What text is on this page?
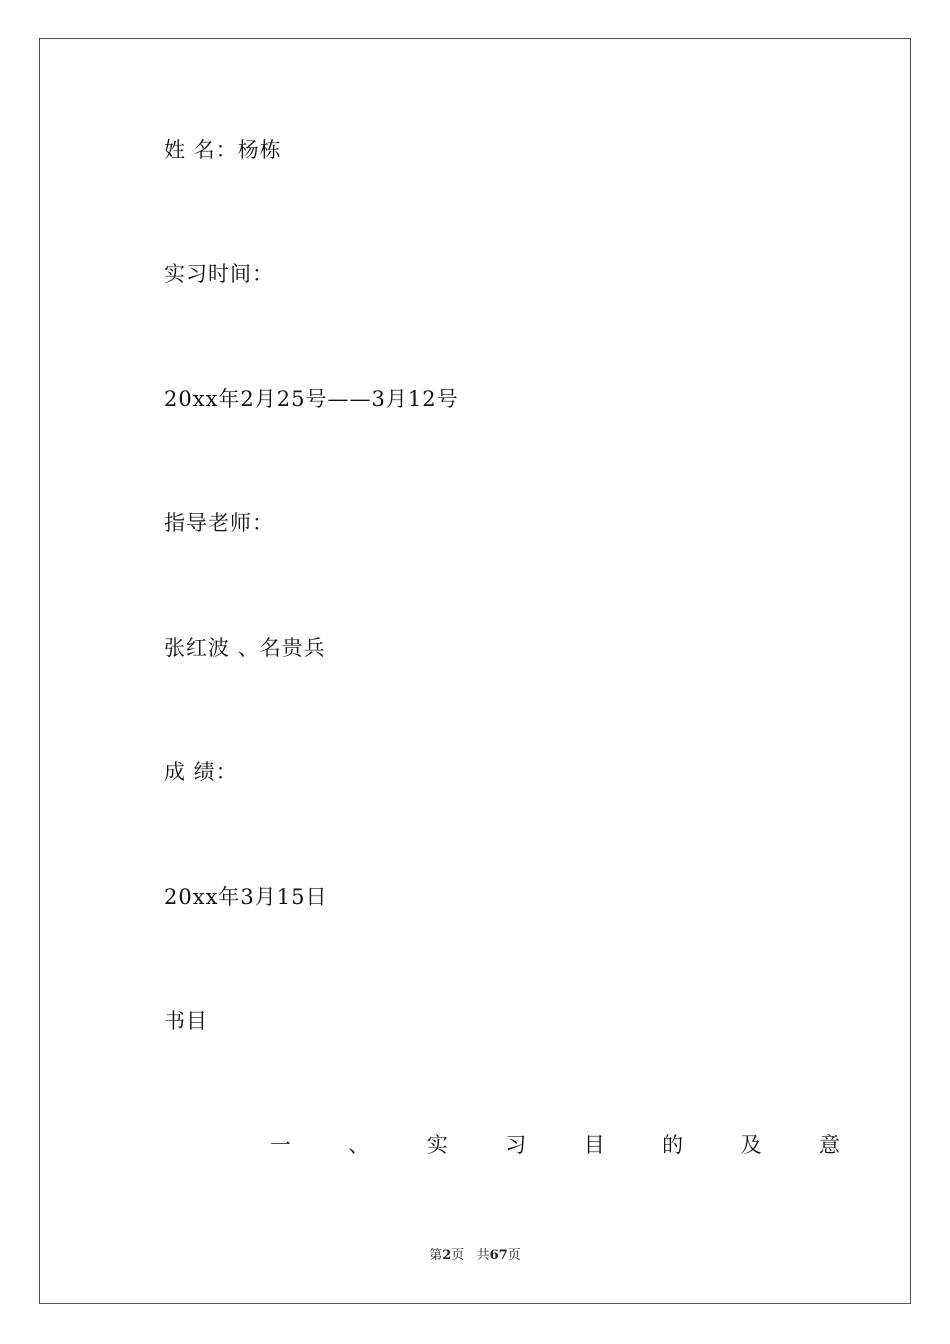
姓 名：杨栋
实习时间：
20xx年2月25号——3月12号
指导老师：
张红波 、名贵兵
成 绩：
20xx年3月15日
书目
一	、	实	习	目	的	及	意
第2页   共67页
